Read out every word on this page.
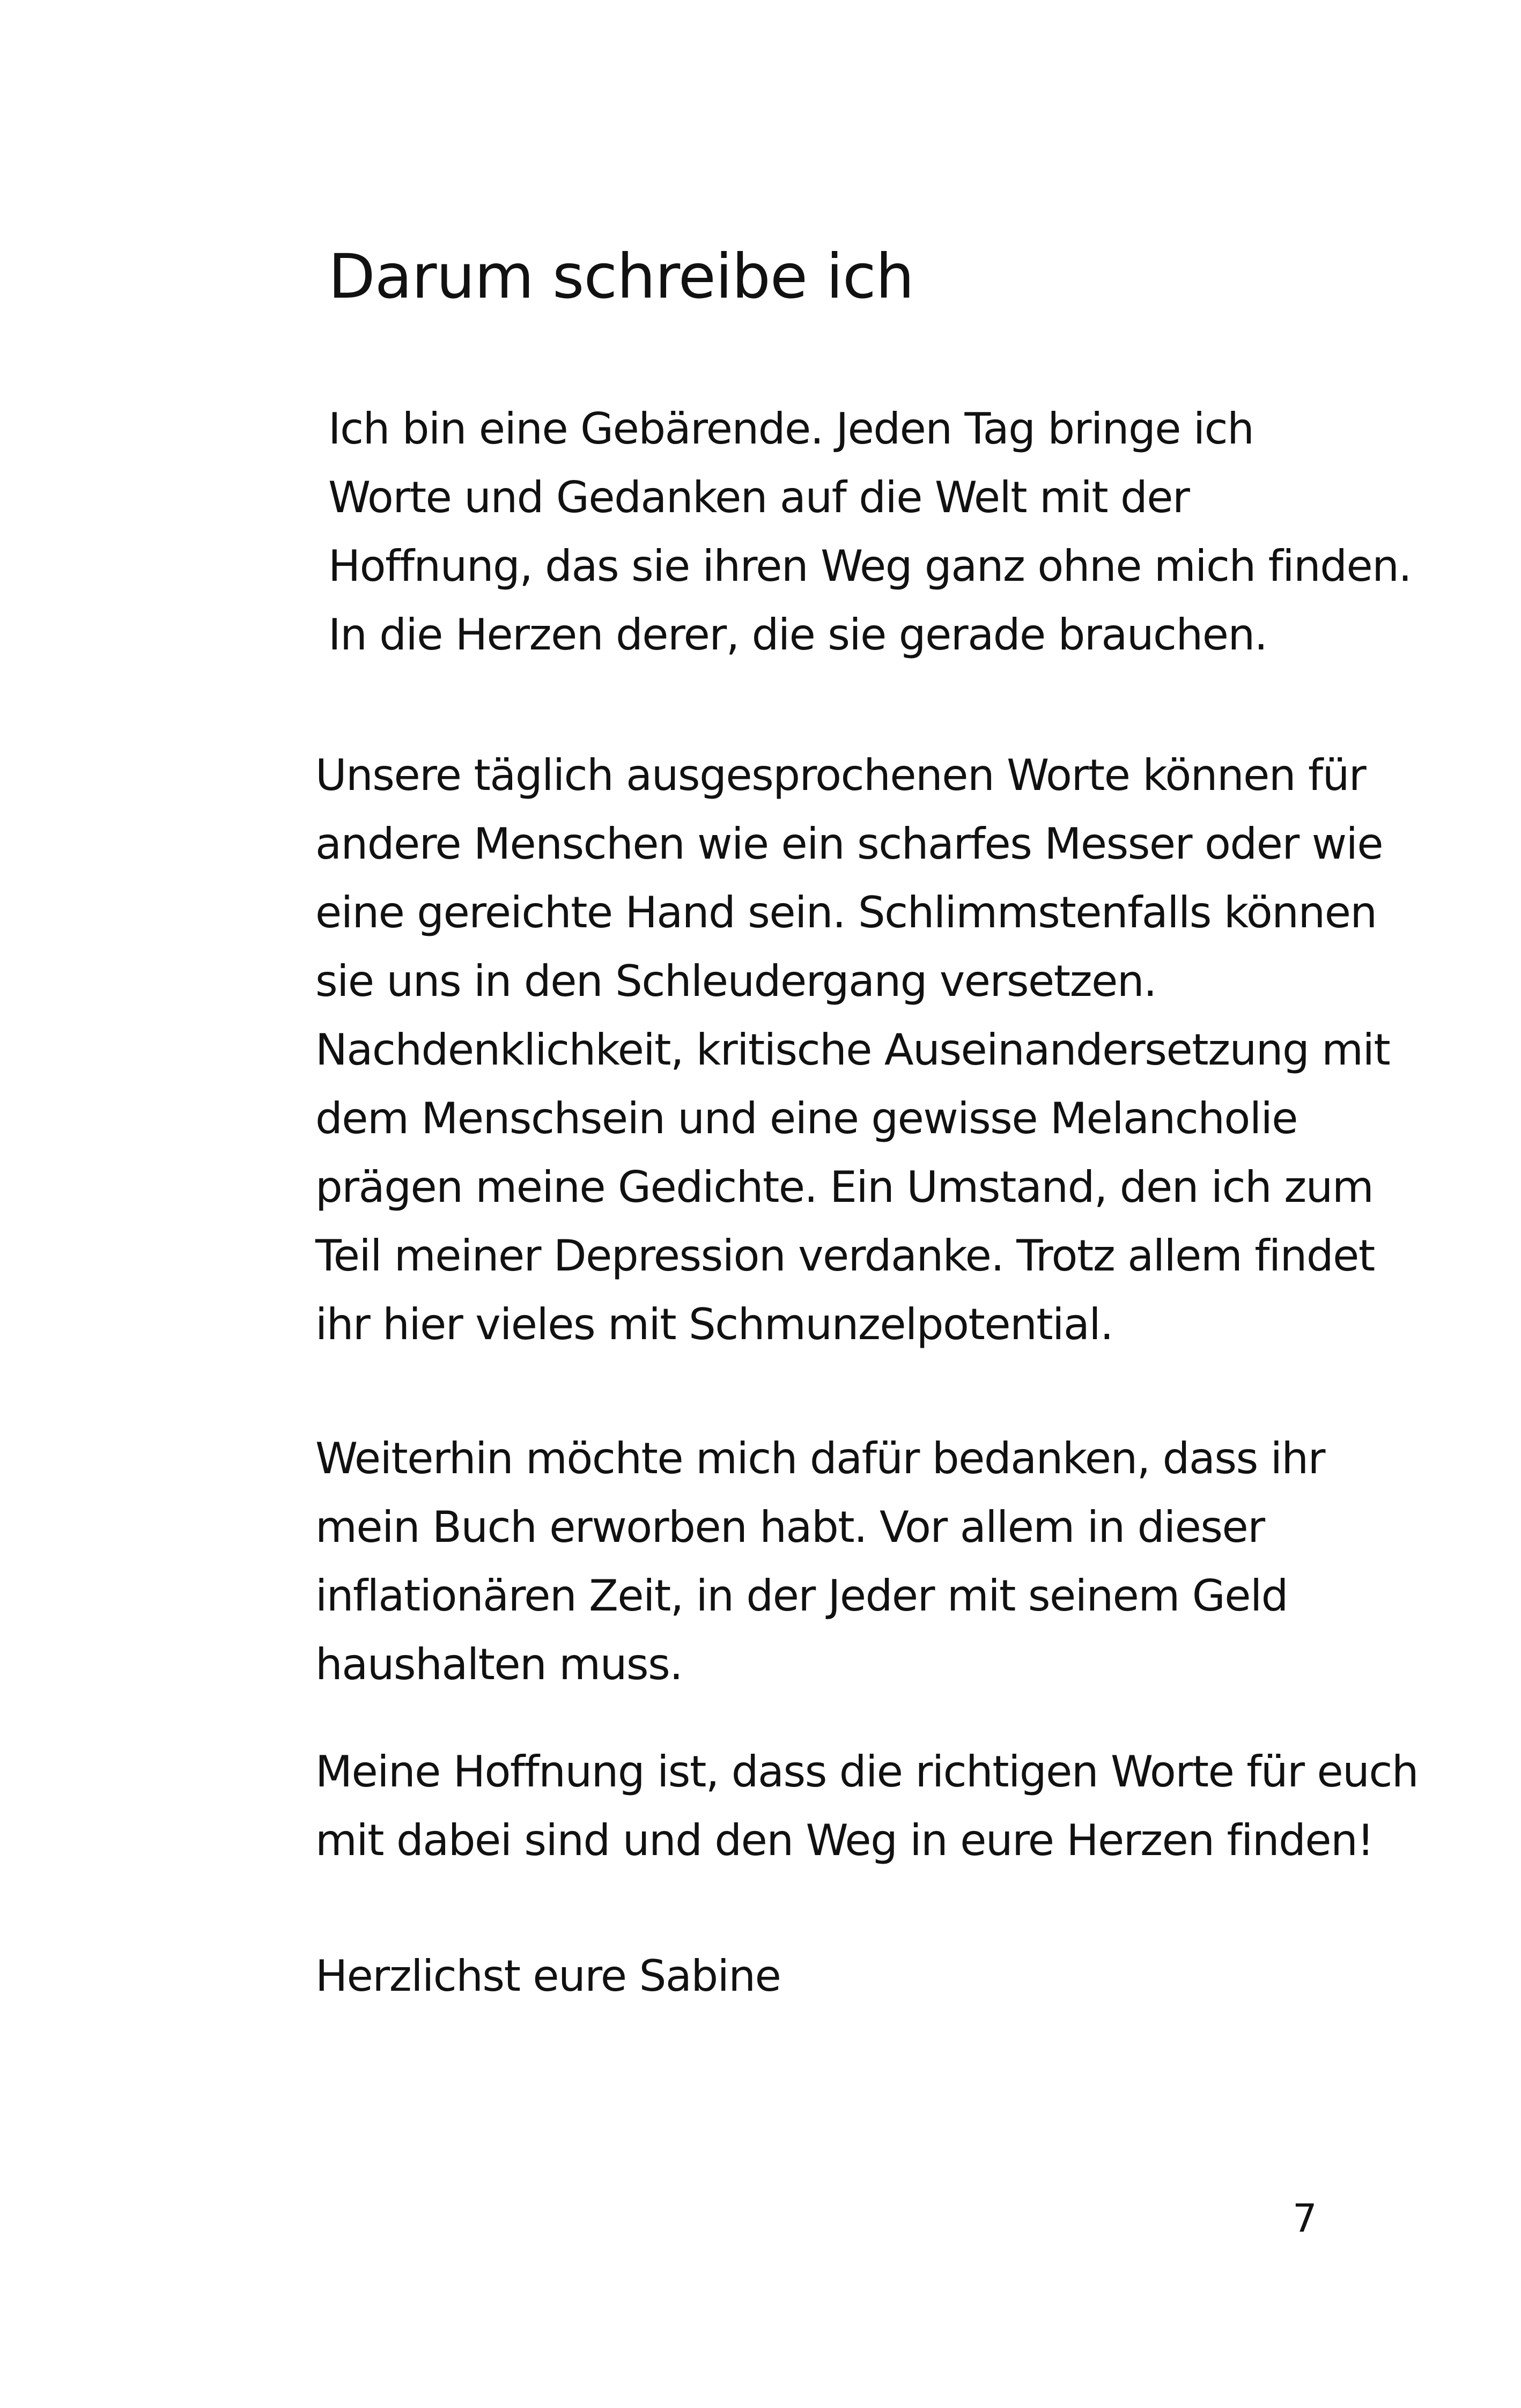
Darum schreibe ich
Ich bin eine Gebärende. Jeden Tag bringe ich
Worte und Gedanken auf die Welt mit der
Hoffnung, das sie ihren Weg ganz ohne mich finden.
In die Herzen derer, die sie gerade brauchen.
Unsere täglich ausgesprochenen Worte können für
andere Menschen wie ein scharfes Messer oder wie
eine gereichte Hand sein. Schlimmstenfalls können
sie uns in den Schleudergang versetzen.
Nachdenklichkeit, kritische Auseinandersetzung mit
dem Menschsein und eine gewisse Melancholie
prägen meine Gedichte. Ein Umstand, den ich zum
Teil meiner Depression verdanke. Trotz allem findet
ihr hier vieles mit Schmunzelpotential.
Weiterhin möchte mich dafür bedanken, dass ihr
mein Buch erworben habt. Vor allem in dieser
inflationären Zeit, in der Jeder mit seinem Geld
haushalten muss.
Meine Hoffnung ist, dass die richtigen Worte für euch
mit dabei sind und den Weg in eure Herzen finden!
Herzlichst eure Sabine
7
